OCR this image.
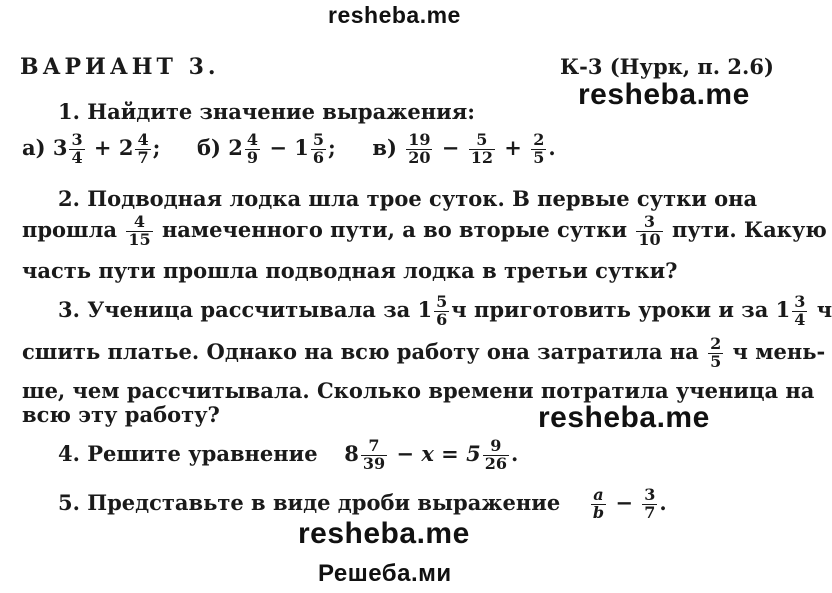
resheba.me
resheba.me
resheba.me
resheba.me
Решеба.ми
ВАРИАНТ 3.	К-3 (Нурк, п. 2.6)
1. Найдите значение выражения:
а) $3 \frac{3}{4} + 2 \frac{4}{7}$ ; б) $2 \frac{4}{9} - 1 \frac{5}{6}$ ; $в) \frac{19}{20} - \frac{5}{12} + \frac{2}{5}$ .
2. Подводная лодка шла трое суток. В первые сутки она
прошла $\frac{4}{15}$ намеченного пути, а во вторые сутки $\frac{3}{10}$ пути. Какую
часть пути прошла подводная лодка в третьи сутки?
3. Ученица рассчитывала за $1 \frac{5}{6}$ ч приготовить уроки и за $1 \frac{3}{4}$ ч
сшить платье. Однако на всю работу она затратила на $\frac{2}{5}$ ч мень-
ше, чем рассчитывала. Сколько времени потратила ученица на
всю эту работу?
4. Решите уравнение $8 \frac{7}{39} - x = 5 \frac{9}{26}$ .
5. Представьте в виде дроби выражение $\frac{a}{b} - \frac{3}{7}$ .
